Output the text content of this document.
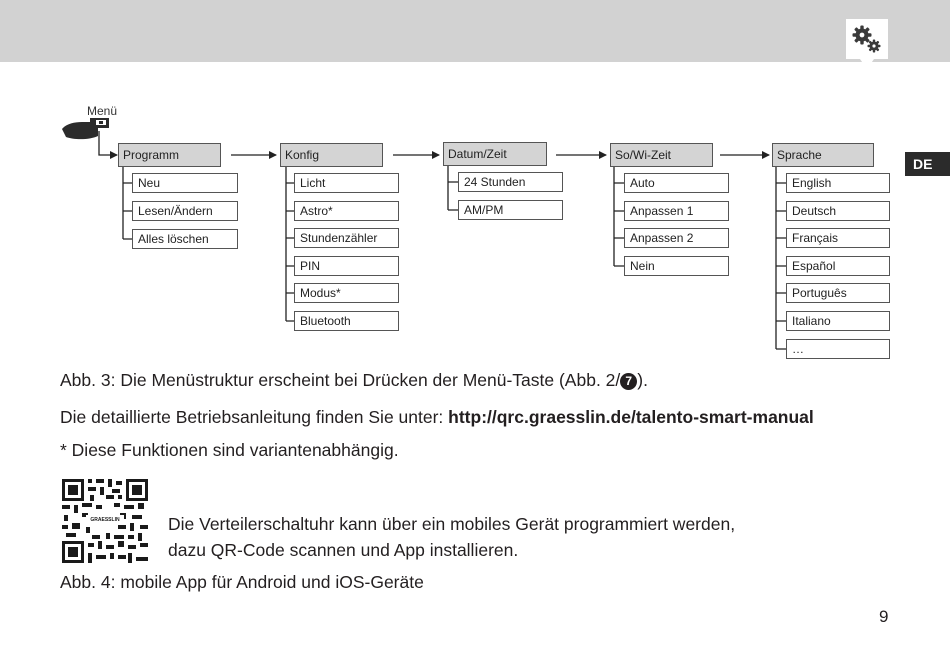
DE
Menü
Programm
Neu
Lesen/Ändern
Alles löschen
Konfig
Licht
Astro*
Stundenzähler
PIN
Modus*
Bluetooth
Datum/Zeit
24 Stunden
AM/PM
So/Wi-Zeit
Auto
Anpassen 1
Anpassen 2
Nein
Sprache
English
Deutsch
Français
Español
Português
Italiano
…
Abb. 3: Die Menüstruktur erscheint bei Drücken der Menü-Taste (Abb. 2/ 7 ).
Die detaillierte Betriebsanleitung finden Sie unter: http://qrc.graesslin.de/talento-smart-manual
* Diese Funktionen sind variantenabhängig.
GRAESSLIN	Die Verteilerschaltuhr kann über ein mobiles Gerät programmiert werden,
dazu QR-Code scannen und App installieren.
Abb. 4: mobile App für Android und iOS-Geräte
9
